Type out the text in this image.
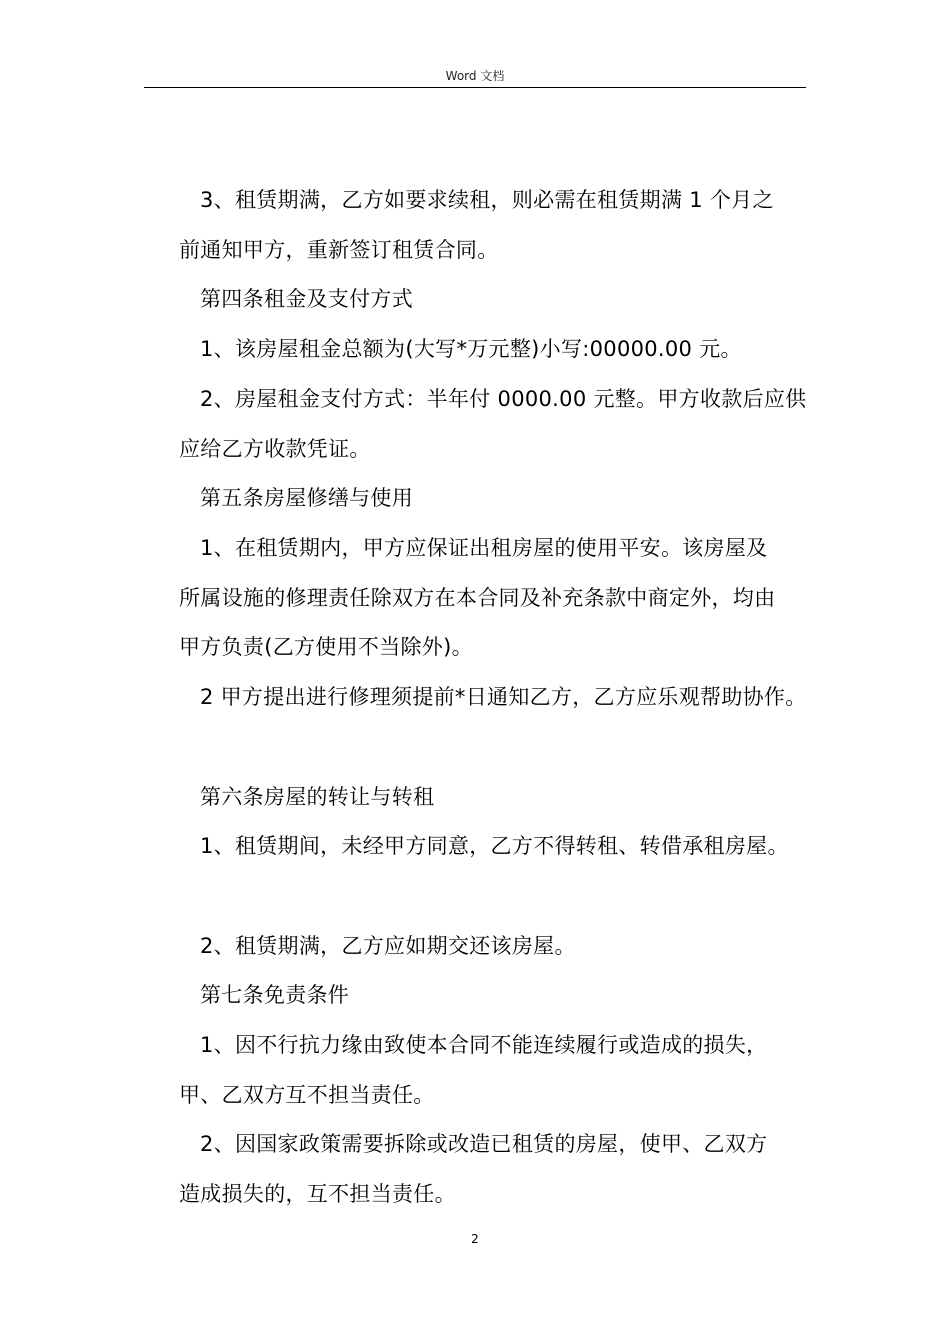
Word 文档
3、租赁期满，乙方如要求续租，则必需在租赁期满 1 个月之
前通知甲方，重新签订租赁合同。
第四条租金及支付方式
1、该房屋租金总额为(大写*万元整)小写:00000.00 元。
2、房屋租金支付方式：半年付 0000.00 元整。甲方收款后应供
应给乙方收款凭证。
第五条房屋修缮与使用
1、在租赁期内，甲方应保证出租房屋的使用平安。该房屋及
所属设施的修理责任除双方在本合同及补充条款中商定外，均由
甲方负责(乙方使用不当除外)。
2 甲方提出进行修理须提前*日通知乙方，乙方应乐观帮助协作。
第六条房屋的转让与转租
1、租赁期间，未经甲方同意，乙方不得转租、转借承租房屋。
2、租赁期满，乙方应如期交还该房屋。
第七条免责条件
1、因不行抗力缘由致使本合同不能连续履行或造成的损失，
甲、乙双方互不担当责任。
2、因国家政策需要拆除或改造已租赁的房屋，使甲、乙双方
造成损失的，互不担当责任。
2
